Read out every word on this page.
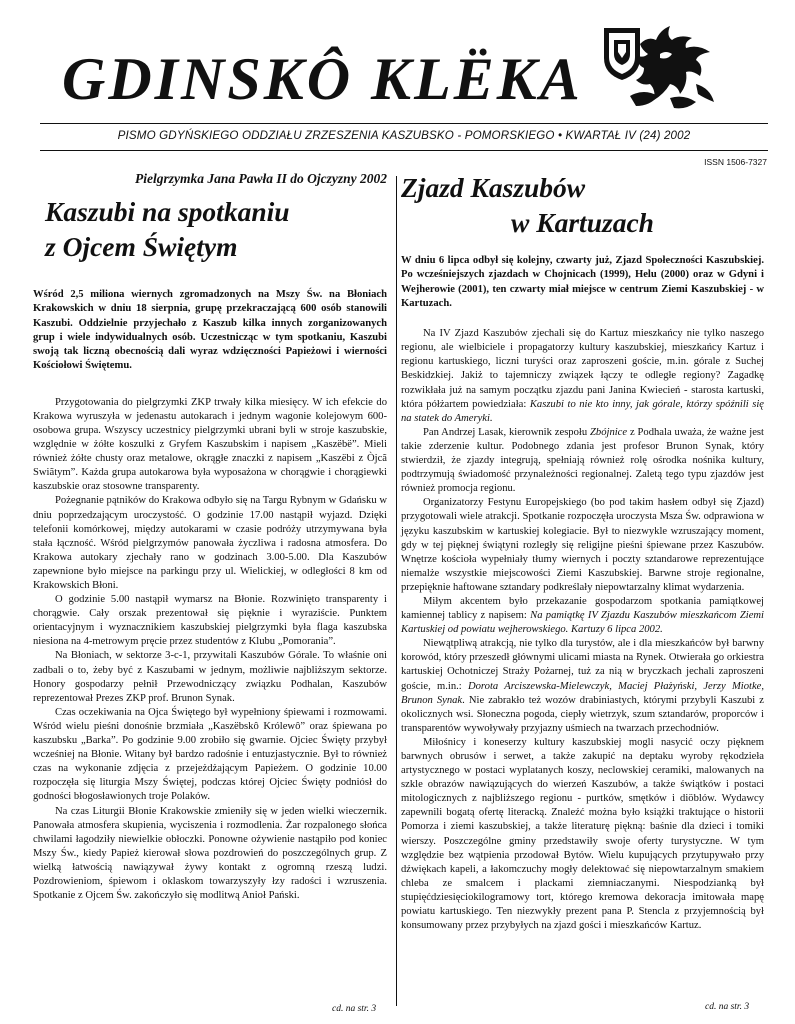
GDINSKÔ KLËKA
PISMO GDYŃSKIEGO ODDZIAŁU ZRZESZENIA KASZUBSKO - POMORSKIEGO • KWARTAŁ IV (24) 2002
ISSN 1506-7327

Pielgrzymka Jana Pawła II do Ojczyzny 2002

Kaszubi na spotkaniu
z Ojcem Świętym

Wśród 2,5 miliona wiernych zgromadzonych na Mszy Św. na Błoniach Krakowskich w dniu 18 sierpnia, grupę przekraczającą 600 osób stanowili Kaszubi. Oddzielnie przyjechało z Kaszub kilka innych zorganizowanych grup i wiele indywidualnych osób. Uczestnicząc w tym spotkaniu, Kaszubi swoją tak liczną obecnością dali wyraz wdzięczności Papieżowi i wierności Kościołowi Świętemu.

Przygotowania do pielgrzymki ZKP trwały kilka miesięcy. W ich efekcie do Krakowa wyruszyła w jedenastu autokarach i jednym wagonie kolejowym 600-osobowa grupa. Wszyscy uczestnicy pielgrzymki ubrani byli w stroje kaszubskie, względnie w żółte koszulki z Gryfem Kaszubskim i napisem „Kaszëbë”. Mieli również żółte chusty oraz metalowe, okrągłe znaczki z napisem „Kaszëbi z Òjcã Swiãtym”. Każda grupa autokarowa była wyposażona w chorągwie i chorągiewki kaszubskie oraz stosowne transparenty.

Pożegnanie pątników do Krakowa odbyło się na Targu Rybnym w Gdańsku w dniu poprzedzającym uroczystość. O godzinie 17.00 nastąpił wyjazd. Dzięki telefonii komórkowej, między autokarami w czasie podróży utrzymywana była stała łączność. Wśród pielgrzymów panowała życzliwa i radosna atmosfera. Do Krakowa autokary zjechały rano w godzinach 3.00-5.00. Dla Kaszubów zapewnione było miejsce na parkingu przy ul. Wielickiej, w odległości 8 km od Krakowskich Błoni.

O godzinie 5.00 nastąpił wymarsz na Błonie. Rozwinięto transparenty i chorągwie. Cały orszak prezentował się pięknie i wyraziście. Punktem orientacyjnym i wyznacznikiem kaszubskiej pielgrzymki była flaga kaszubska niesiona na 4-metrowym pręcie przez studentów z Klubu „Pomorania”.

Na Błoniach, w sektorze 3-c-1, przywitali Kaszubów Górale. To właśnie oni zadbali o to, żeby być z Kaszubami w jednym, możliwie najbliższym sektorze. Honory gospodarzy pełnił Przewodniczący związku Podhalan, Kaszubów reprezentował Prezes ZKP prof. Brunon Synak.

Czas oczekiwania na Ojca Świętego był wypełniony śpiewami i rozmowami. Wśród wielu pieśni donośnie brzmiała „Kaszëbskô Królewô” oraz śpiewana po kaszubsku „Barka”. Po godzinie 9.00 zrobiło się gwarnie. Ojciec Święty przybył wcześniej na Błonie. Witany był bardzo radośnie i entuzjastycznie. Był to również czas na wykonanie zdjęcia z przejeżdżającym Papieżem. O godzinie 10.00 rozpoczęła się liturgia Mszy Świętej, podczas której Ojciec Święty podniósł do godności błogosławionych troje Polaków.

Na czas Liturgii Błonie Krakowskie zmieniły się w jeden wielki wieczernik. Panowała atmosfera skupienia, wyciszenia i rozmodlenia. Żar rozpalonego słońca chwilami łagodziły niewielkie obłoczki. Ponowne ożywienie nastąpiło pod koniec Mszy Św., kiedy Papież kierował słowa pozdrowień do poszczególnych grup. Z wielką łatwością nawiązywał żywy kontakt z ogromną rzeszą ludzi. Pozdrowieniom, śpiewom i oklaskom towarzyszyły łzy radości i wzruszenia. Spotkanie z Ojcem Św. zakończyło się modlitwą Anioł Pański.

cd. na str. 3
Zjazd Kaszubów
w Kartuzach

W dniu 6 lipca odbył się kolejny, czwarty już, Zjazd Społeczności Kaszubskiej. Po wcześniejszych zjazdach w Chojnicach (1999), Helu (2000) oraz w Gdyni i Wejherowie (2001), ten czwarty miał miejsce w centrum Ziemi Kaszubskiej - w Kartuzach.

Na IV Zjazd Kaszubów zjechali się do Kartuz mieszkańcy nie tylko naszego regionu, ale wielbiciele i propagatorzy kultury kaszubskiej, mieszkańcy Kartuz i regionu kartuskiego, liczni turyści oraz zaproszeni goście, m.in. górale z Suchej Beskidzkiej. Jakiż to tajemniczy związek łączy te odległe regiony? Zagadkę rozwikłała już na samym początku zjazdu pani Janina Kwiecień - starosta kartuski, która półżartem powiedziała: Kaszubi to nie kto inny, jak górale, którzy spóźnili się na statek do Ameryki.

Pan Andrzej Lasak, kierownik zespołu Zbójnice z Podhala uważa, że ważne jest takie zderzenie kultur. Podobnego zdania jest profesor Brunon Synak, który stwierdził, że zjazdy integrują, spełniają również rolę ośrodka nośnika kultury, podtrzymują świadomość przynależności regionalnej. Zaletą tego typu zjazdów jest również promocja regionu.

Organizatorzy Festynu Europejskiego (bo pod takim hasłem odbył się Zjazd) przygotowali wiele atrakcji. Spotkanie rozpoczęła uroczysta Msza Św. odprawiona w języku kaszubskim w kartuskiej kolegiacie. Był to niezwykle wzruszający moment, gdy w tej pięknej świątyni rozległy się religijne pieśni śpiewane przez Kaszubów. Wnętrze kościoła wypełniały tłumy wiernych i poczty sztandarowe reprezentujące niemalże wszystkie miejscowości Ziemi Kaszubskiej. Barwne stroje regionalne, przepięknie haftowane sztandary podkreślały niepowtarzalny klimat wydarzenia.

Miłym akcentem było przekazanie gospodarzom spotkania pamiątkowej kamiennej tablicy z napisem: Na pamiątkę IV Zjazdu Kaszubów mieszkańcom Ziemi Kartuskiej od powiatu wejherowskiego. Kartuzy 6 lipca 2002.

Niewątpliwą atrakcją, nie tylko dla turystów, ale i dla mieszkańców był barwny korowód, który przeszedł głównymi ulicami miasta na Rynek. Otwierała go orkiestra kartuskiej Ochotniczej Straży Pożarnej, tuż za nią w bryczkach jechali zaproszeni goście, m.in.: Dorota Arciszewska-Mielewczyk, Maciej Płażyński, Jerzy Miotke, Brunon Synak. Nie zabrakło też wozów drabiniastych, którymi przybyli Kaszubi z okolicznych wsi. Słoneczna pogoda, ciepły wietrzyk, szum sztandarów, proporców i transparentów wywoływały przyjazny uśmiech na twarzach przechodniów.

Miłośnicy i koneserzy kultury kaszubskiej mogli nasycić oczy pięknem barwnych obrusów i serwet, a także zakupić na deptaku wyroby rękodzieła artystycznego w postaci wyplatanych koszy, neclowskiej ceramiki, malowanych na szkle obrazów nawiązujących do wierzeń Kaszubów, a także świątków i postaci mitologicznych z najbliższego regionu - purtków, smętków i diöblów. Wydawcy zapewnili bogatą ofertę literacką. Znaleźć można było książki traktujące o historii Pomorza i ziemi kaszubskiej, a także literaturę piękną: baśnie dla dzieci i tomiki wierszy. Poszczególne gminy przedstawiły swoje oferty turystyczne. W tym względzie bez wątpienia przodował Bytów. Wielu kupujących przytupywało przy dźwiękach kapeli, a łakomczuchy mogły delektować się niepowtarzalnym smakiem chleba ze smalcem i plackami ziemniaczanymi. Niespodzianką był stupięćdziesięciokilogramowy tort, którego kremowa dekoracja imitowała mapę powiatu kartuskiego. Ten niezwykły prezent pana P. Stencla z przyjemnością był konsumowany przez przybyłych na zjazd gości i mieszkańców Kartuz.

cd. na str. 3
